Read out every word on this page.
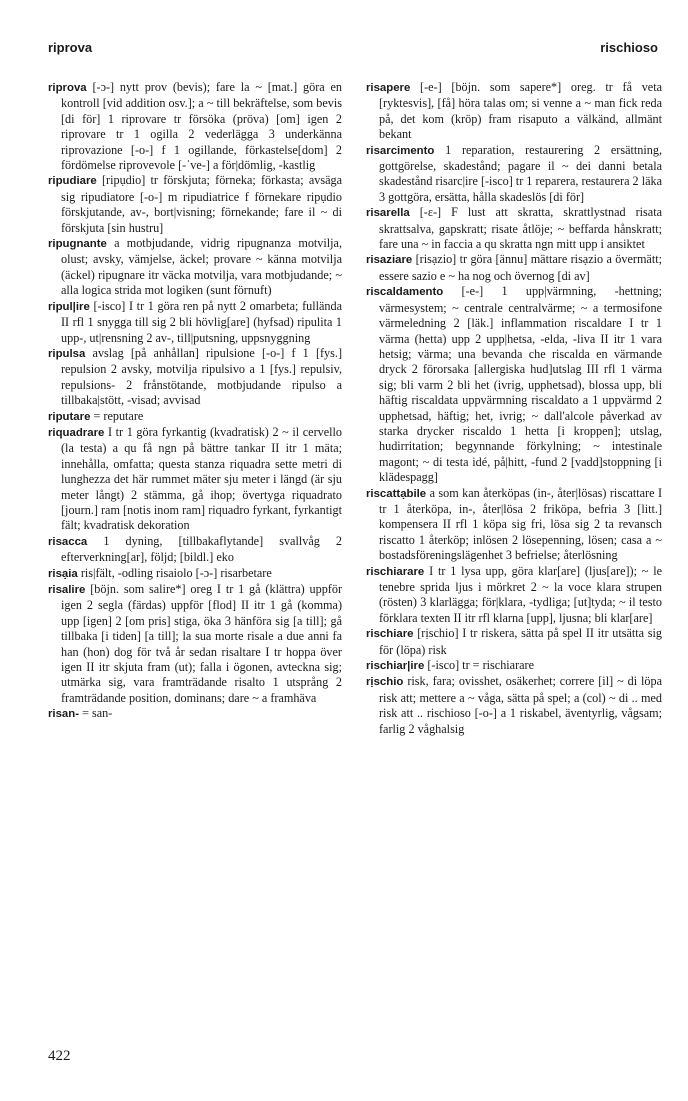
riprova	rischioso

riprova [-ɔ-] nytt prov (bevis); fare la ~ [mat.] göra en kontroll [vid addition osv.]; a ~ till bekräftelse, som bevis [di för] 1 riprovare tr försöka (pröva) [om] igen 2 riprovare tr 1 ogilla 2 vederlägga 3 underkänna riprovazione [-o-] f 1 ogillande, förkastelse[dom] 2 fördömelse riprovevole [-ˈve-] a för|dömlig, -kastlig

ripudiare [ripụdio] tr förskjuta; förneka; förkasta; avsäga sig ripudiatore [-o-] m ripudiatrice f förnekare ripụdio förskjutande, av-, bort|visning; förnekande; fare il ~ di förskjuta [sin hustru]

ripugnante a motbjudande, vidrig ripugnanza motvilja, olust; avsky, vämjelse, äckel; provare ~ känna motvilja (äckel) ripugnare itr väcka motvilja, vara motbjudande; ~ alla logica strida mot logiken (sunt förnuft)

ripul|ire [-isco] I tr 1 göra ren på nytt 2 omarbeta; fulländа II rfl 1 snygga till sig 2 bli hövlig[are] (hyfsad) ripulita 1 upp-, ut|rensning 2 av-, till|putsning, uppsnyggning

ripulsa avslag [på anhållan] ripulsione [-o-] f 1 [fys.] repulsion 2 avsky, motvilja ripulsivo a 1 [fys.] repulsiv, repulsions- 2 frånstötande, motbjudande ripulso a tillbaka|stött, -visad; avvisad

riputare = reputare

riquadrare I tr 1 göra fyrkantig (kvadratisk) 2 ~ il cervello (la testa) a qu få ngn på bättre tankar II itr 1 mäta; innehålla, omfatta; questa stanza riquadra sette metri di lunghezza det här rummet mäter sju meter i längd (är sju meter långt) 2 stämma, gå ihop; övertyga riquadrato [journ.] ram [notis inom ram] riquadro fyrkant, fyrkantigt fält; kvadratisk dekoration

risacca 1 dyning, [tillbakaflytande] svallvåg 2 efterverkning[ar], följd; [bildl.] eko

risạia ris|fält, -odling risaiolo [-ɔ-] risarbetare

risalire [böjn. som salire*] oreg I tr 1 gå (klättra) uppför igen 2 segla (färdas) uppför [flod] II itr 1 gå (komma) upp [igen] 2 [om pris] stiga, öka 3 hänföra sig [a till]; gå tillbaka [i tiden] [a till]; la sua morte risale a due anni fa han (hon) dog för två år sedan risaltare I tr hoppa över igen II itr skjuta fram (ut); falla i ögonen, avteckna sig; utmärka sig, vara framträdande risalto 1 utsprång 2 framträdande position, dominans; dare ~ a framhäva

risan- = san-

risapere [-e-] [böjn. som sapere*] oreg. tr få veta [ryktesvis], [få] höra talas om; si venne a ~ man fick reda på, det kom (kröp) fram risaputo a välkänd, allmänt bekant

risarcimento 1 reparation, restaurering 2 ersättning, gottgörelse, skadestånd; pagare il ~ dei danni betala skadestånd risarc|ire [-isco] tr 1 reparera, restaurera 2 läka 3 gottgöra, ersätta, hålla skadeslös [di för]

risarella [-ɛ-] F lust att skratta, skrattlystnad risata skrattsalva, gapskratt; risate åtlöje; ~ beffarda hånskratt; fare una ~ in faccia a qu skratta ngn mitt upp i ansiktet

risaziare [risạzio] tr göra [ännu] mättare risạzio a övermätt; essere sazio e ~ ha nog och övernog [di av]

riscaldamento [-e-] 1 upp|värmning, -hettning; värmesystem; ~ centrale centralvärme; ~ a termosifone värmeledning 2 [läk.] inflammation riscaldare I tr 1 värma (hetta) upp 2 upp|hetsa, -elda, -liva II itr 1 vara hetsig; värma; una bevanda che riscalda en värmande dryck 2 förorsaka [allergiska hud]utslag III rfl 1 värma sig; bli varm 2 bli het (ivrig, upphetsad), blossa upp, bli häftig riscaldata uppvärmning riscaldato a 1 uppvärmd 2 upphetsad, häftig; het, ivrig; ~ dall'alcole påverkad av starka drycker riscaldo 1 hetta [i kroppen]; utslag, hudirritation; begynnande förkylning; ~ intestinale magont; ~ di testa idé, på|hitt, -fund 2 [vadd]stoppning [i klädespagg]

riscattạbile a som kan återköpas (in-, åter|lösas) riscattare I tr 1 återköpa, in-, åter|lösa 2 friköpa, befria 3 [litt.] kompensera II rfl 1 köpa sig fri, lösa sig 2 ta revansch riscatto 1 återköp; inlösen 2 lösepenning, lösen; casa a ~ bostadsföreningslägenhet 3 befrielse; återlösning

rischiarare I tr 1 lysa upp, göra klar[are] (ljus[are]); ~ le tenebre sprida ljus i mörkret 2 ~ la voce klara strupen (rösten) 3 klarlägga; för|klara, -tydliga; [ut]tyda; ~ il testo förklara texten II itr rfl klarna [upp], ljusna; bli klar[are]

rischiare [rịschio] I tr riskera, sätta på spel II itr utsätta sig för (löpa) risk

rischiar|ire [-isco] tr = rischiarare

rịschio risk, fara; ovisshet, osäkerhet; correre [il] ~ di löpa risk att; mettere a ~ våga, sätta på spel; a (col) ~ di .. med risk att .. rischioso [-o-] a 1 riskabel, äventyrlig, vågsam; farlig 2 våghalsig

422
